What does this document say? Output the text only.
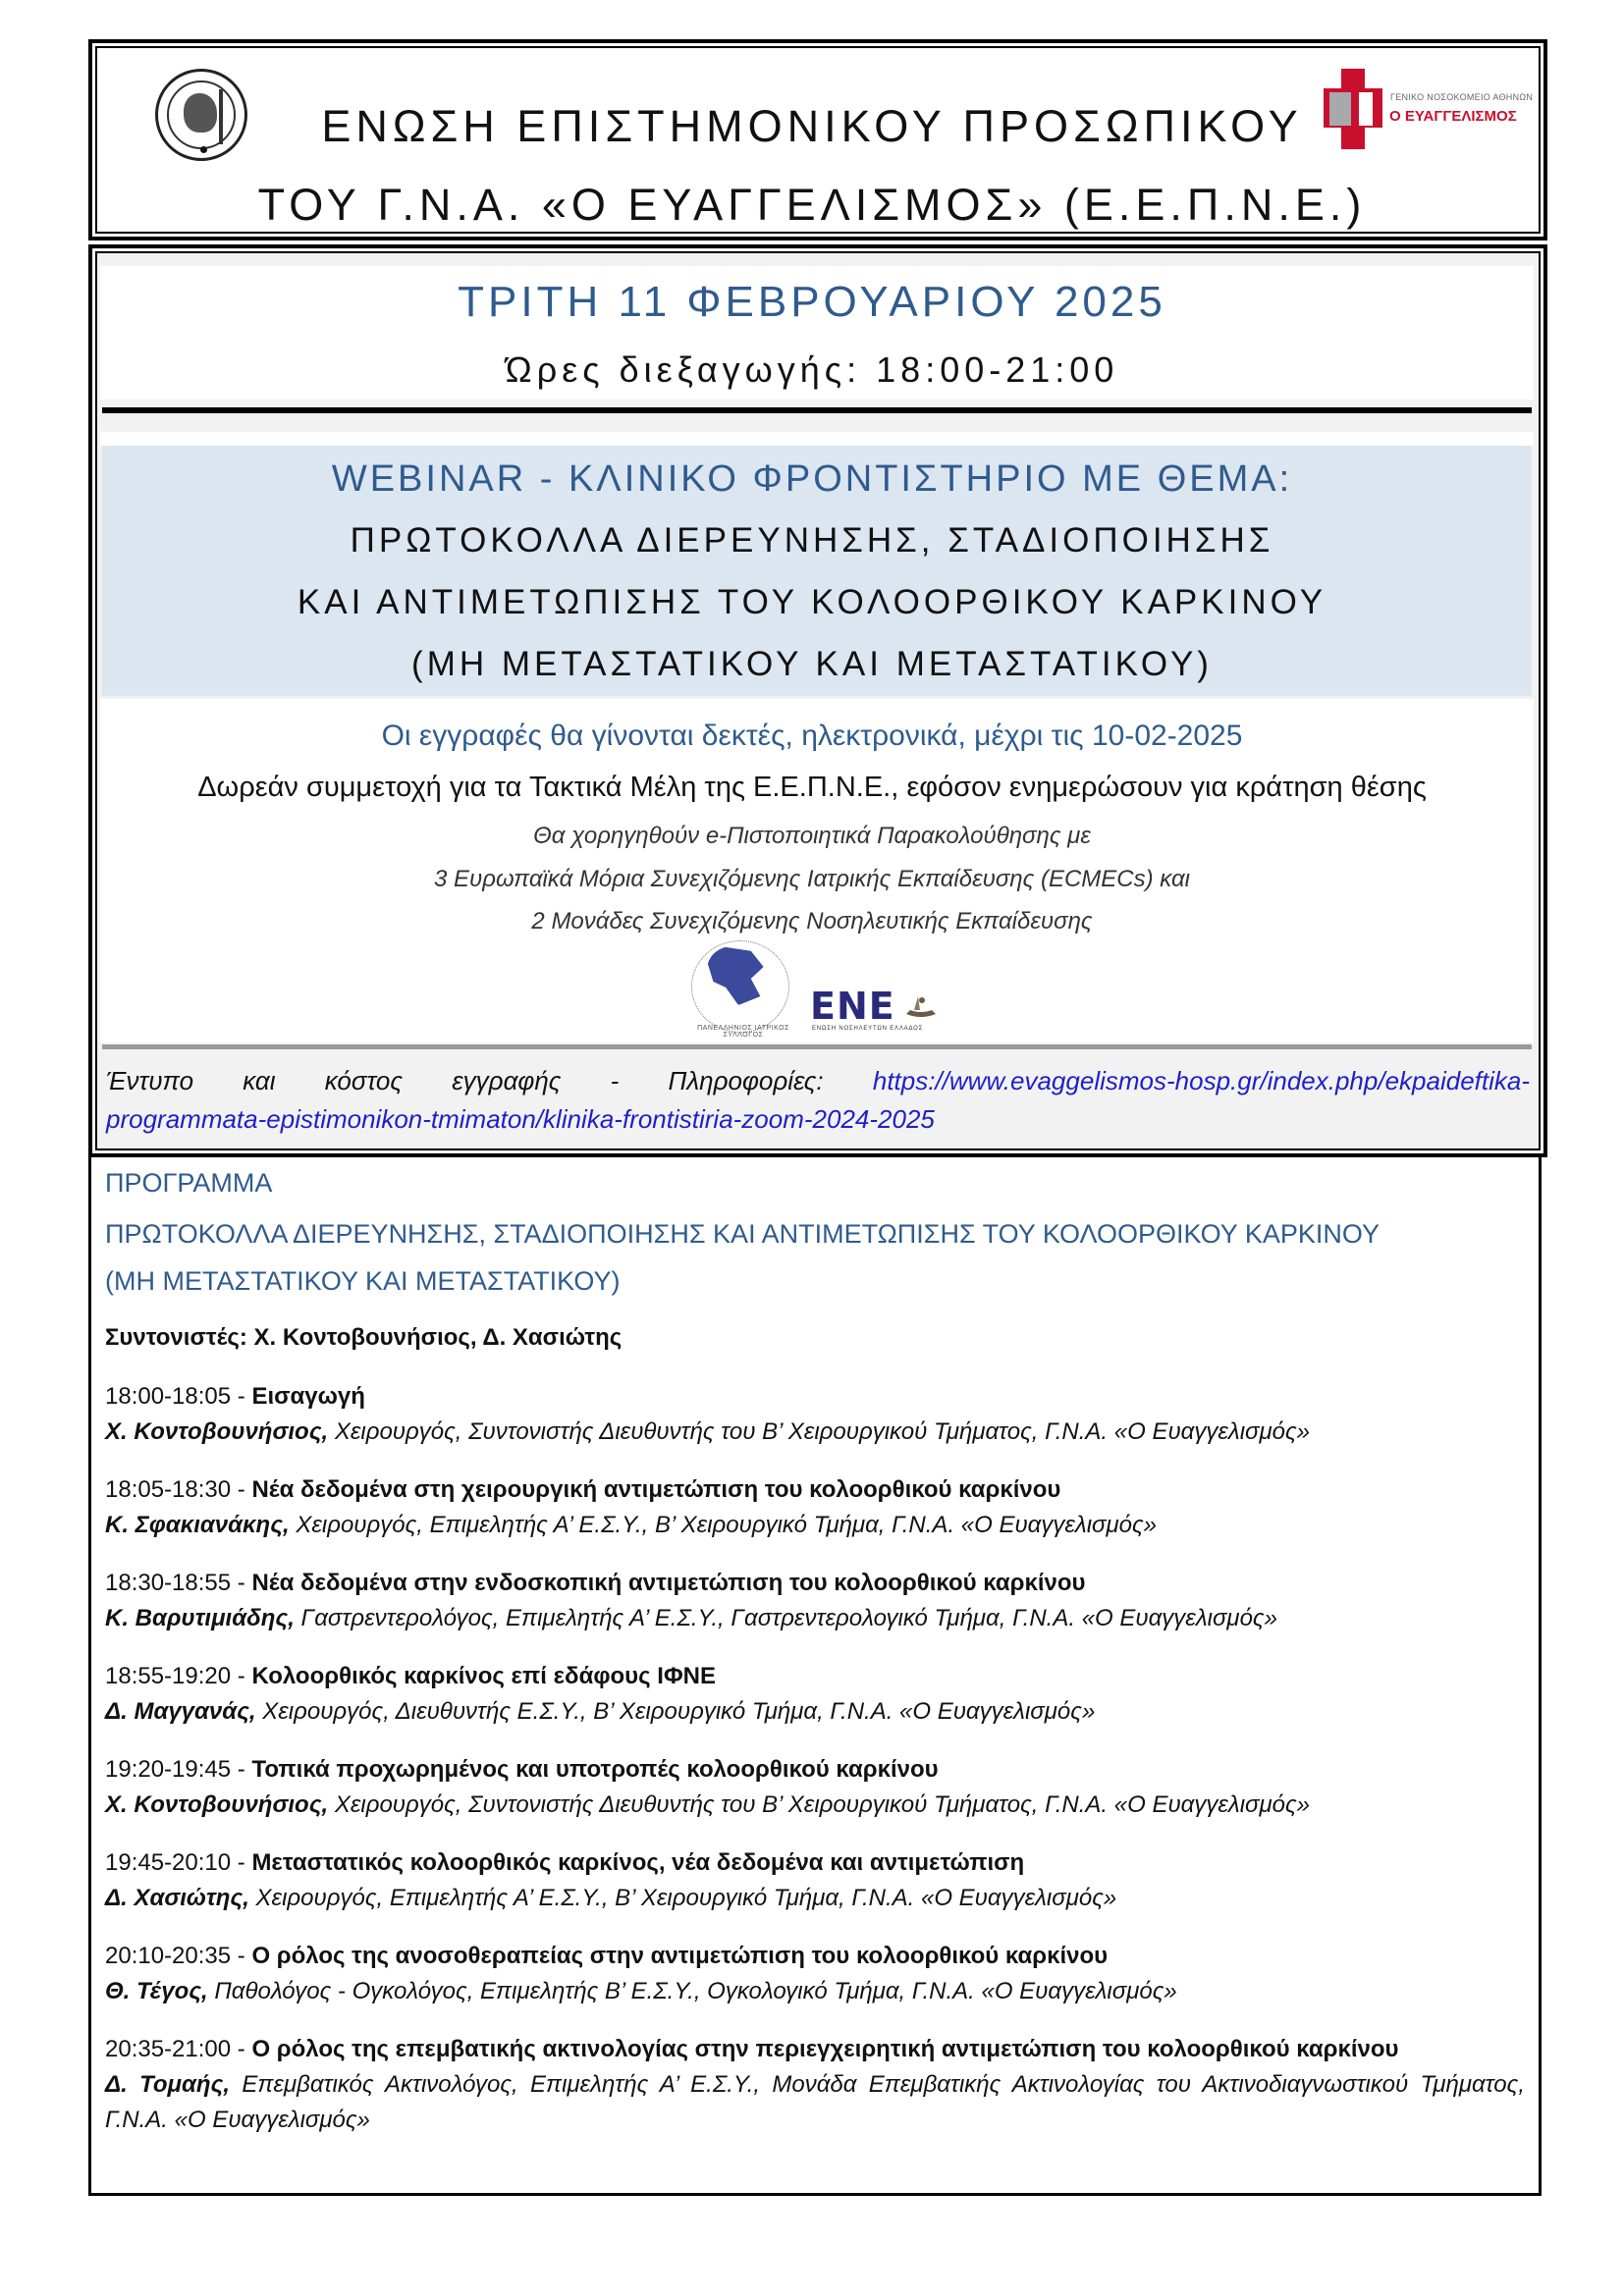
ΕΝΩΣΗ ΕΠΙΣΤΗΜΟΝΙΚΟΥ ΠΡΟΣΩΠΙΚΟΥ
ΤΟΥ Γ.Ν.Α. «Ο ΕΥΑΓΓΕΛΙΣΜΟΣ» (Ε.Ε.Π.Ν.Ε.)
ΓΕΝΙΚΟ ΝΟΣΟΚΟΜΕΙΟ ΑΘΗΝΩΝ
Ο ΕΥΑΓΓΕΛΙΣΜΟΣ
ΤΡΙΤΗ 11 ΦΕΒΡΟΥΑΡΙΟΥ 2025
Ώρες διεξαγωγής: 18:00-21:00
WEBINAR - ΚΛΙΝΙΚΟ ΦΡΟΝΤΙΣΤΗΡΙΟ ΜΕ ΘΕΜΑ:
ΠΡΩΤΟΚΟΛΛΑ ΔΙΕΡΕΥΝΗΣΗΣ, ΣΤΑΔΙΟΠΟΙΗΣΗΣ
ΚΑΙ ΑΝΤΙΜΕΤΩΠΙΣΗΣ ΤΟΥ ΚΟΛΟΟΡΘΙΚΟΥ ΚΑΡΚΙΝΟΥ
(ΜΗ ΜΕΤΑΣΤΑΤΙΚΟΥ ΚΑΙ ΜΕΤΑΣΤΑΤΙΚΟΥ)
Οι εγγραφές θα γίνονται δεκτές, ηλεκτρονικά, μέχρι τις 10-02-2025
Δωρεάν συμμετοχή για τα Τακτικά Μέλη της Ε.Ε.Π.Ν.Ε., εφόσον ενημερώσουν για κράτηση θέσης
Θα χορηγηθούν e-Πιστοποιητικά Παρακολούθησης με
3 Ευρωπαϊκά Μόρια Συνεχιζόμενης Ιατρικής Εκπαίδευσης (ECMECs) και
2 Μονάδες Συνεχιζόμενης Νοσηλευτικής Εκπαίδευσης
ΠΑΝΕΛΛΗΝΙΟΣ ΙΑΤΡΙΚΟΣ ΣΥΛΛΟΓΟΣ
ΕΝΕ
ΕΝΩΣΗ ΝΟΣΗΛΕΥΤΩΝ ΕΛΛΑΔΟΣ
Έντυπο και κόστος εγγραφής - Πληροφορίες: https://www.evaggelismos-hosp.gr/index.php/ekpaideftika-
programmata-epistimonikon-tmimaton/klinika-frontistiria-zoom-2024-2025
ΠΡΟΓΡΑΜΜΑ
ΠΡΩΤΟΚΟΛΛΑ ΔΙΕΡΕΥΝΗΣΗΣ, ΣΤΑΔΙΟΠΟΙΗΣΗΣ ΚΑΙ ΑΝΤΙΜΕΤΩΠΙΣΗΣ ΤΟΥ ΚΟΛΟΟΡΘΙΚΟΥ ΚΑΡΚΙΝΟΥ
(ΜΗ ΜΕΤΑΣΤΑΤΙΚΟΥ ΚΑΙ ΜΕΤΑΣΤΑΤΙΚΟΥ)
Συντονιστές: Χ. Κοντοβουνήσιος, Δ. Χασιώτης
18:00-18:05 - Εισαγωγή
Χ. Κοντοβουνήσιος, Χειρουργός, Συντονιστής Διευθυντής του Β’ Χειρουργικού Τμήματος, Γ.Ν.Α. «Ο Ευαγγελισμός»
18:05-18:30 - Νέα δεδομένα στη χειρουργική αντιμετώπιση του κολοορθικού καρκίνου
Κ. Σφακιανάκης, Χειρουργός, Επιμελητής Α’ Ε.Σ.Υ., Β’ Χειρουργικό Τμήμα, Γ.Ν.Α. «Ο Ευαγγελισμός»
18:30-18:55 - Νέα δεδομένα στην ενδοσκοπική αντιμετώπιση του κολοορθικού καρκίνου
Κ. Βαρυτιμιάδης, Γαστρεντερολόγος, Επιμελητής Α’ Ε.Σ.Υ., Γαστρεντερολογικό Τμήμα, Γ.Ν.Α. «Ο Ευαγγελισμός»
18:55-19:20 - Κολοορθικός καρκίνος επί εδάφους ΙΦΝΕ
Δ. Μαγγανάς, Χειρουργός, Διευθυντής Ε.Σ.Υ., Β’ Χειρουργικό Τμήμα, Γ.Ν.Α. «Ο Ευαγγελισμός»
19:20-19:45 - Τοπικά προχωρημένος και υποτροπές κολοορθικού καρκίνου
Χ. Κοντοβουνήσιος, Χειρουργός, Συντονιστής Διευθυντής του Β’ Χειρουργικού Τμήματος, Γ.Ν.Α. «Ο Ευαγγελισμός»
19:45-20:10 - Μεταστατικός κολοορθικός καρκίνος, νέα δεδομένα και αντιμετώπιση
Δ. Χασιώτης, Χειρουργός, Επιμελητής Α’ Ε.Σ.Υ., Β’ Χειρουργικό Τμήμα, Γ.Ν.Α. «Ο Ευαγγελισμός»
20:10-20:35 - Ο ρόλος της ανοσοθεραπείας στην αντιμετώπιση του κολοορθικού καρκίνου
Θ. Τέγος, Παθολόγος - Ογκολόγος, Επιμελητής Β’ Ε.Σ.Υ., Ογκολογικό Τμήμα, Γ.Ν.Α. «Ο Ευαγγελισμός»
20:35-21:00 - Ο ρόλος της επεμβατικής ακτινολογίας στην περιεγχειρητική αντιμετώπιση του κολοορθικού καρκίνου
Δ. Τομαής, Επεμβατικός Ακτινολόγος, Επιμελητής Α’ Ε.Σ.Υ., Μονάδα Επεμβατικής Ακτινολογίας του Ακτινοδιαγνωστικού Τμήματος, Γ.Ν.Α. «Ο Ευαγγελισμός»
